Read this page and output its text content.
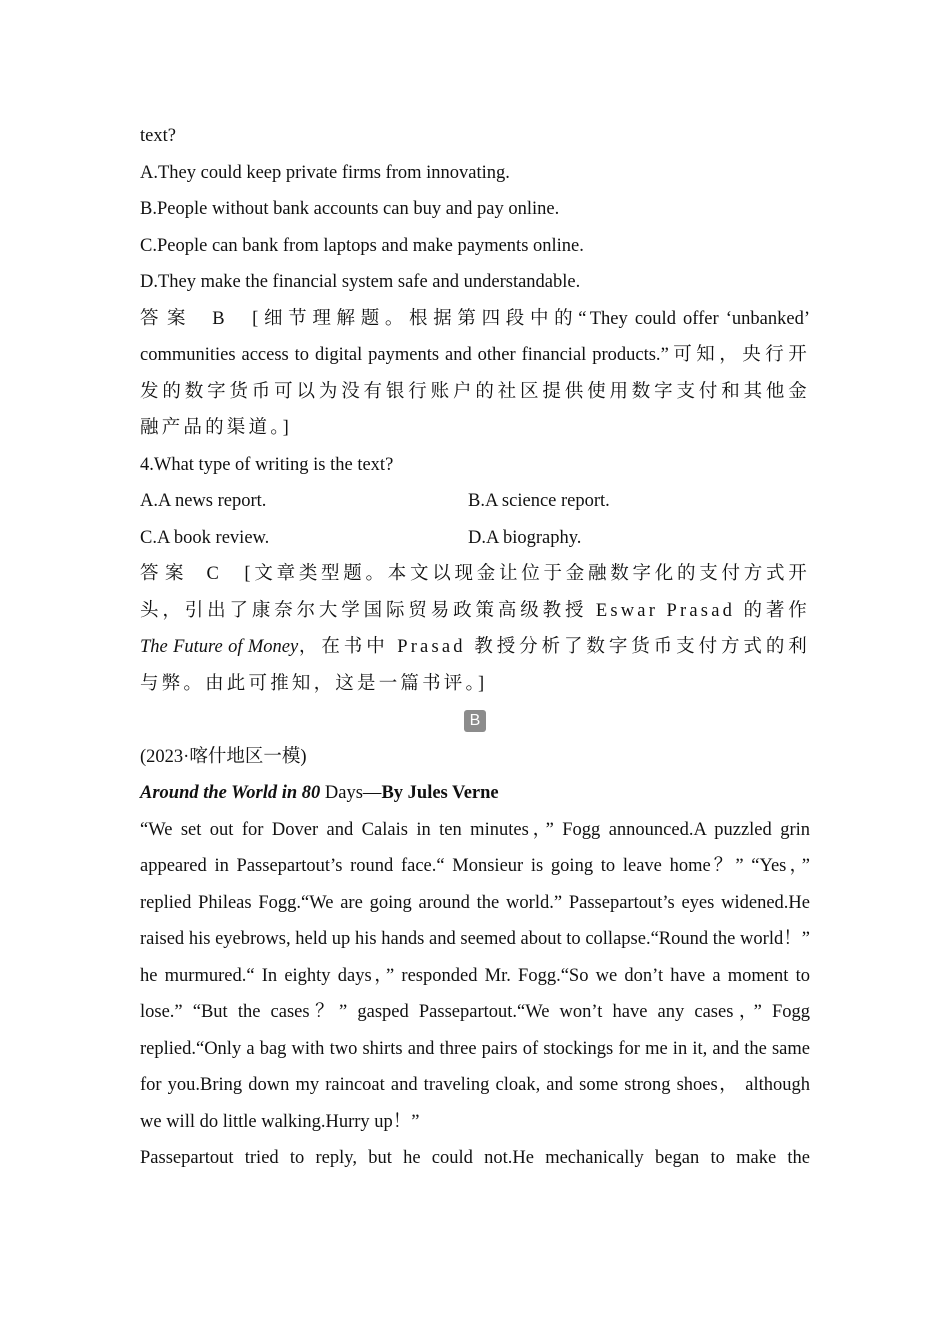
text?

A.They could keep private firms from innovating.

B.People without bank accounts can buy and pay online.

C.People can bank from laptops and make payments online.

D.They make the financial system safe and understandable.

答案 B [细节理解题。根据第四段中的“They could offer ‘unbanked’ communities access to digital payments and other financial products.”可知，央行开发的数字货币可以为没有银行账户的社区提供使用数字支付和其他金融产品的渠道。]

4.What type of writing is the text?

A.A news report.	B.A science report.
C.A book review.	D.A biography.

答案 C [文章类型题。本文以现金让位于金融数字化的支付方式开头，引出了康奈尔大学国际贸易政策高级教授 Eswar Prasad 的著作 The Future of Money，在书中 Prasad 教授分析了数字货币支付方式的利与弊。由此可推知，这是一篇书评。]

B

(2023·喀什地区一模)

Around the World in 80 Days—By Jules Verne

“We set out for Dover and Calais in ten minutes，” Fogg announced.A puzzled grin appeared in Passepartout’s round face.“ Monsieur is going to leave home？” “Yes，” replied Phileas Fogg.“We are going around the world.” Passepartout’s eyes widened.He raised his eyebrows, held up his hands and seemed about to collapse.“Round the world！” he murmured.“ In eighty days，” responded Mr. Fogg.“So we don’t have a moment to lose.” “But the cases？” gasped Passepartout.“We won’t have any cases，” Fogg replied.“Only a bag with two shirts and three pairs of stockings for me in it, and the same for you.Bring down my raincoat and traveling cloak, and some strong shoes， although we will do little walking.Hurry up！”

Passepartout tried to reply, but he could not.He mechanically began to make the
